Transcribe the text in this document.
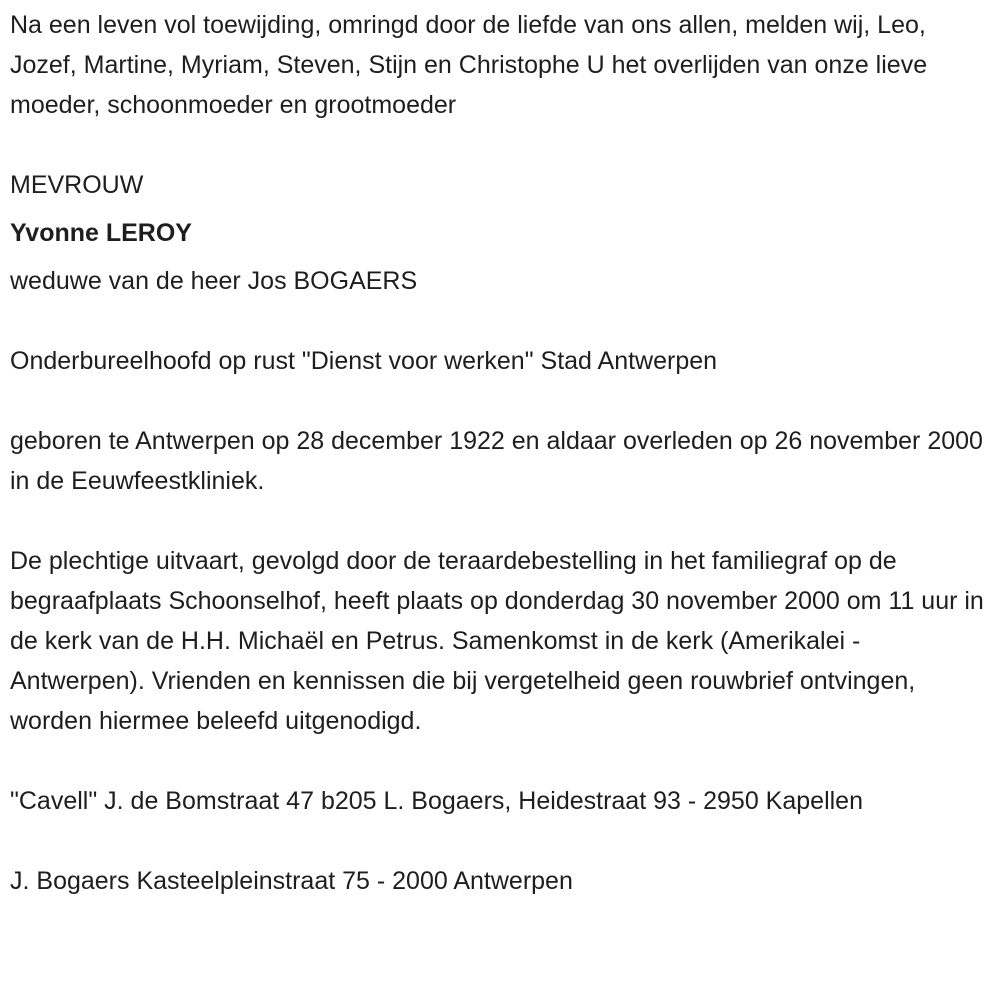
Na een leven vol toewijding, omringd door de liefde van ons allen, melden wij, Leo, Jozef, Martine, Myriam, Steven, Stijn en Christophe U het overlijden van onze lieve moeder, schoonmoeder en grootmoeder

MEVROUW

Yvonne LEROY

weduwe van de heer Jos BOGAERS

Onderbureelhoofd op rust "Dienst voor werken" Stad Antwerpen

geboren te Antwerpen op 28 december 1922 en aldaar overleden op 26 november 2000 in de Eeuwfeestkliniek.

De plechtige uitvaart, gevolgd door de teraardebestelling in het familiegraf op de begraafplaats Schoonselhof, heeft plaats op donderdag 30 november 2000 om 11 uur in de kerk van de H.H. Michaël en Petrus. Samenkomst in de kerk (Amerikalei - Antwerpen). Vrienden en kennissen die bij vergetelheid geen rouwbrief ontvingen, worden hiermee beleefd uitgenodigd.

"Cavell" J. de Bomstraat 47 b205 L. Bogaers, Heidestraat 93 - 2950 Kapellen

J. Bogaers Kasteelpleinstraat 75 - 2000 Antwerpen
